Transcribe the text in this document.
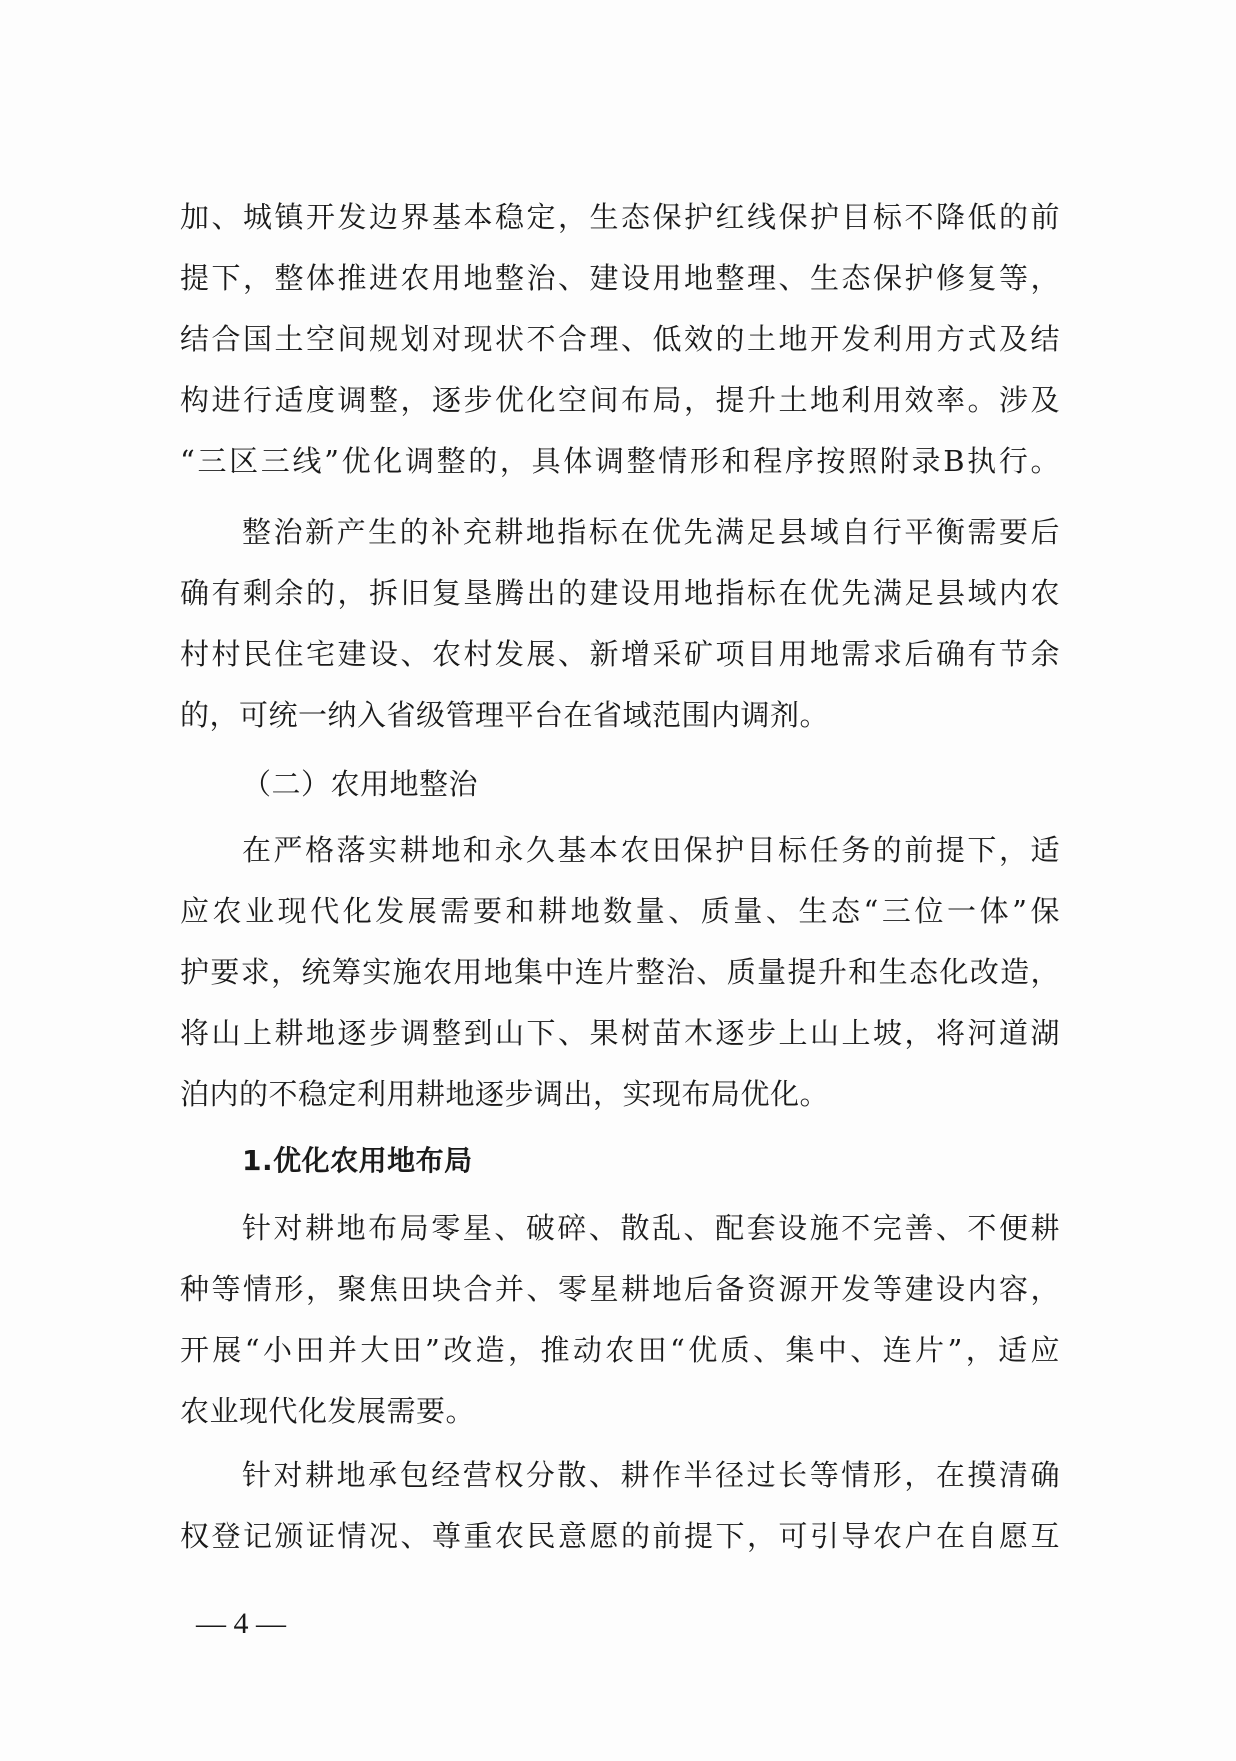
加、城镇开发边界基本稳定，生态保护红线保护目标不降低的前
提下，整体推进农用地整治、建设用地整理、生态保护修复等，
结合国土空间规划对现状不合理、低效的土地开发利用方式及结
构进行适度调整，逐步优化空间布局，提升土地利用效率。涉及
“三区三线”优化调整的，具体调整情形和程序按照附录B执行。
整治新产生的补充耕地指标在优先满足县域自行平衡需要后
确有剩余的，拆旧复垦腾出的建设用地指标在优先满足县域内农
村村民住宅建设、农村发展、新增采矿项目用地需求后确有节余
的，可统一纳入省级管理平台在省域范围内调剂。
（二）农用地整治
在严格落实耕地和永久基本农田保护目标任务的前提下，适
应农业现代化发展需要和耕地数量、质量、生态“三位一体”保
护要求，统筹实施农用地集中连片整治、质量提升和生态化改造，
将山上耕地逐步调整到山下、果树苗木逐步上山上坡，将河道湖
泊内的不稳定利用耕地逐步调出，实现布局优化。
1.优化农用地布局
针对耕地布局零星、破碎、散乱、配套设施不完善、不便耕
种等情形，聚焦田块合并、零星耕地后备资源开发等建设内容，
开展“小田并大田”改造，推动农田“优质、集中、连片”，适应
农业现代化发展需要。
针对耕地承包经营权分散、耕作半径过长等情形，在摸清确
权登记颁证情况、尊重农民意愿的前提下，可引导农户在自愿互
— 4 —
